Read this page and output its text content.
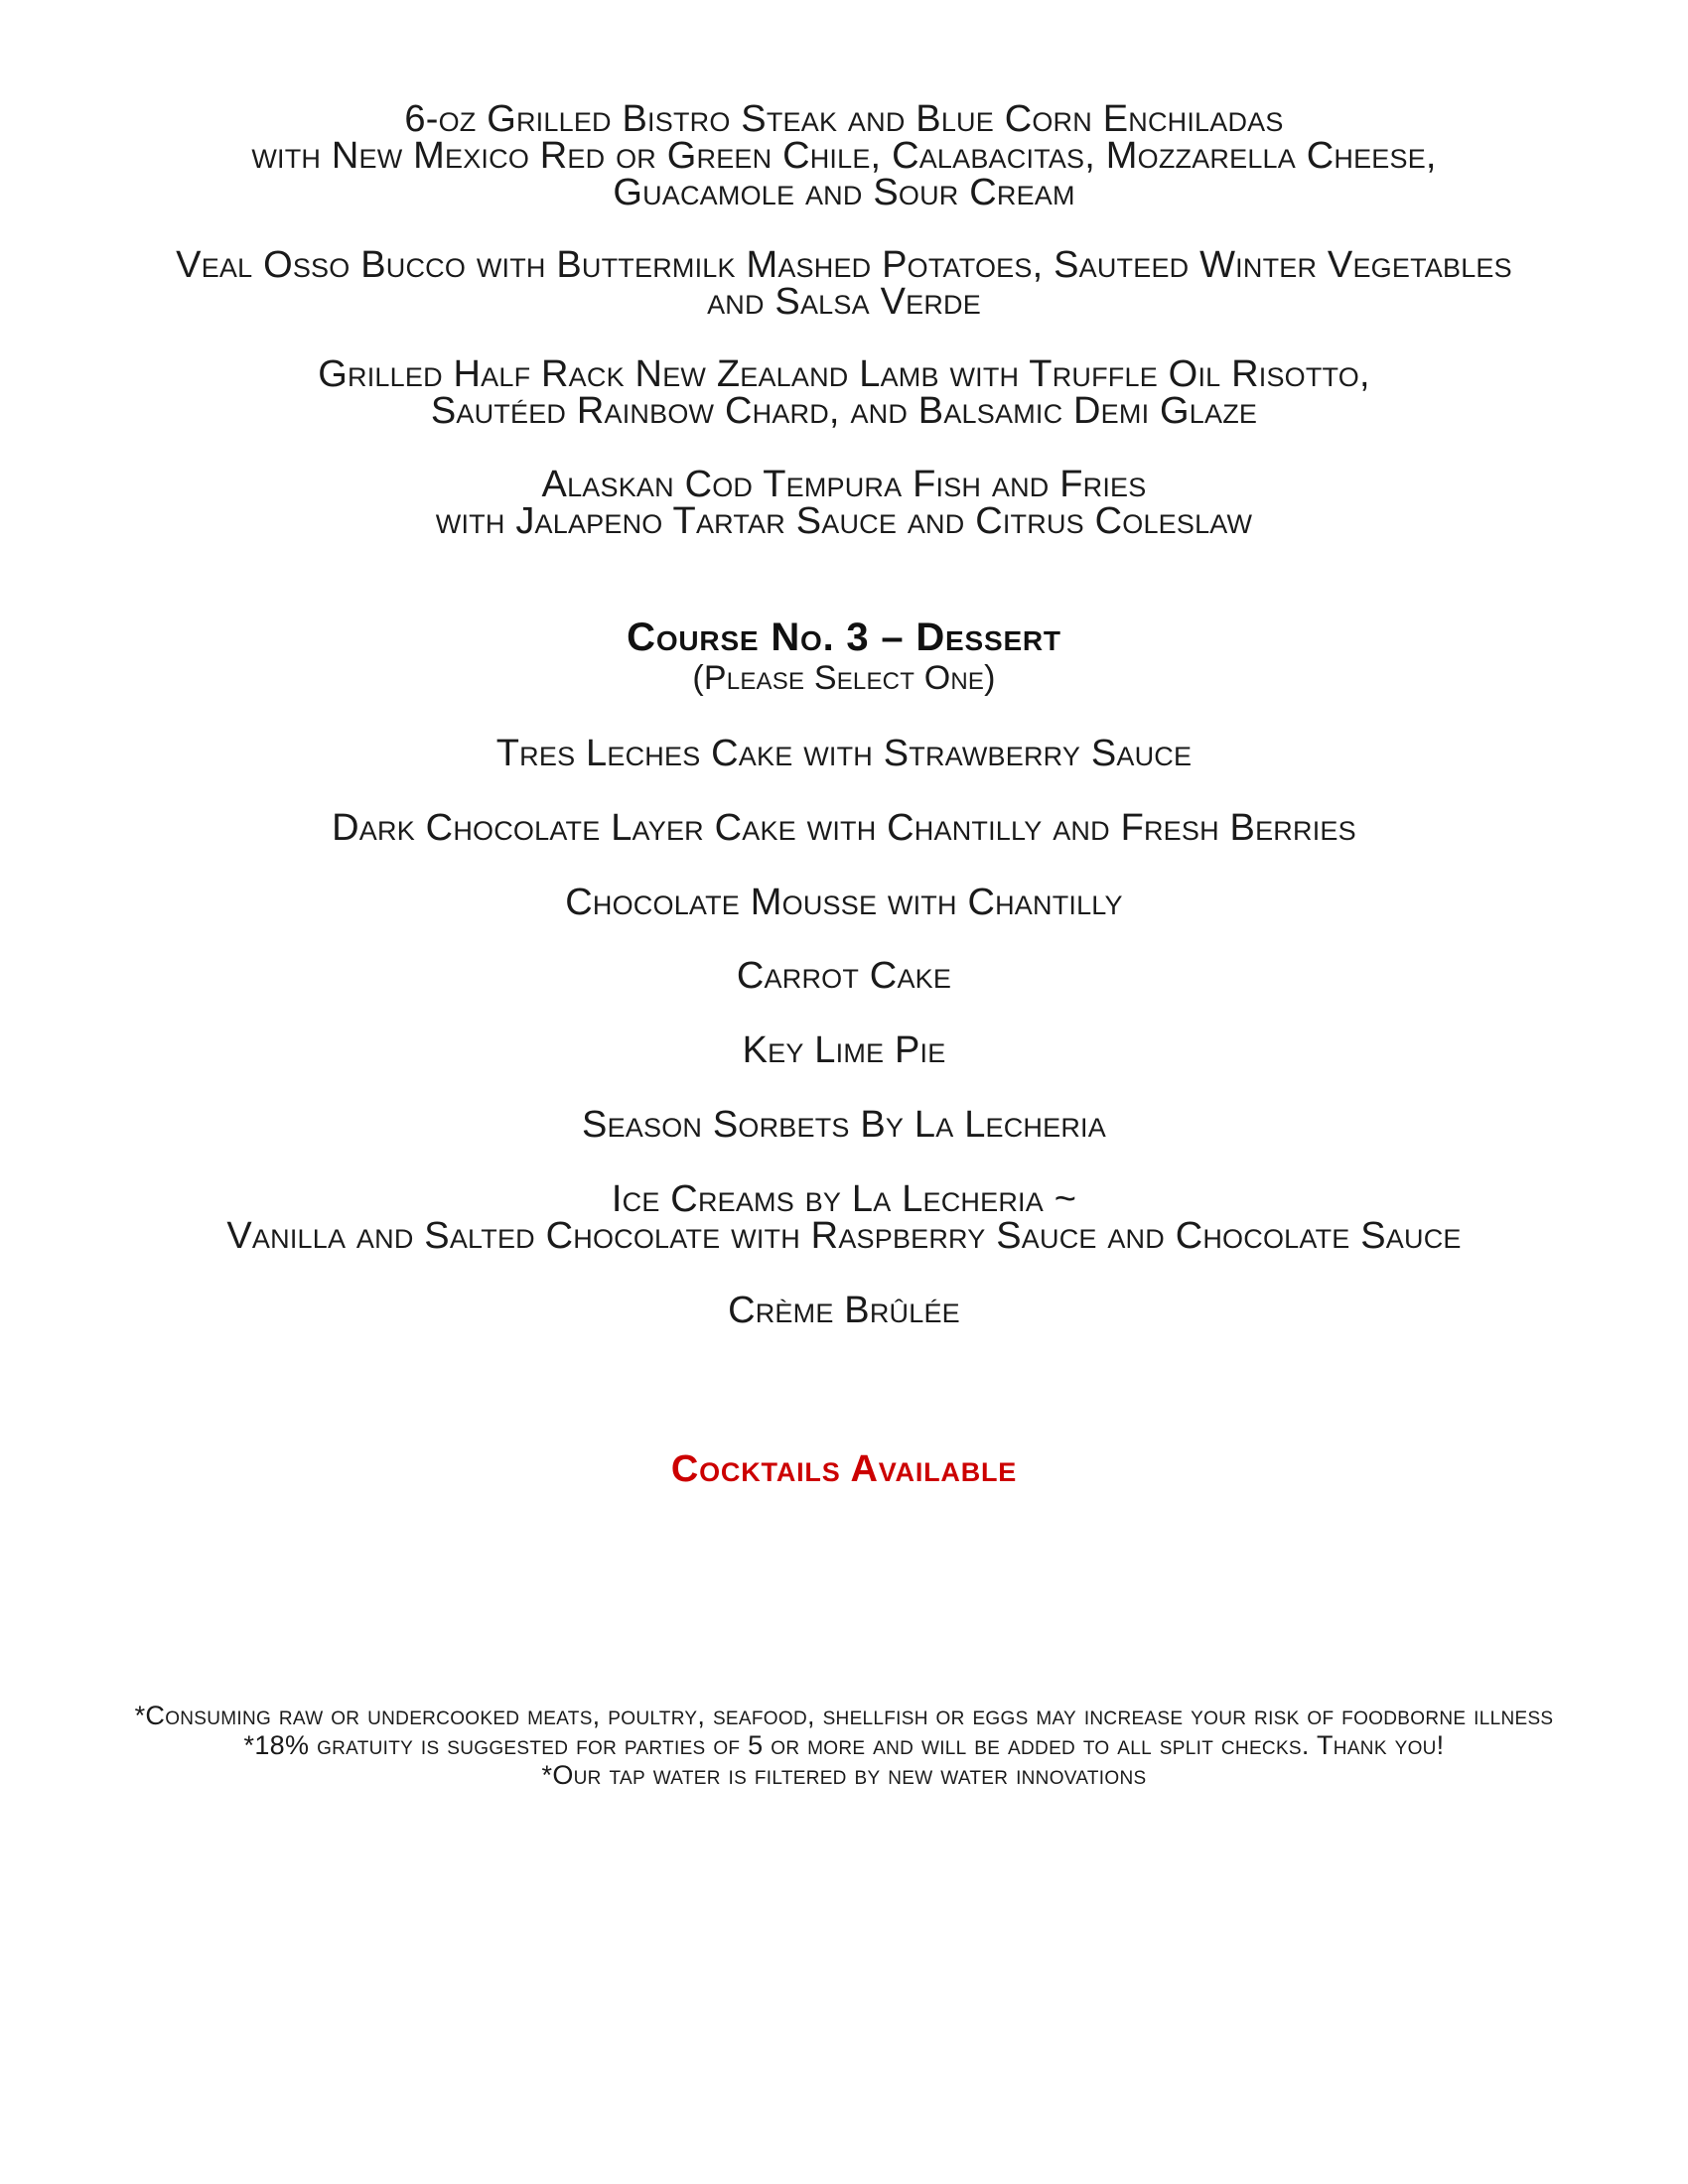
6-oz Grilled Bistro Steak and Blue Corn Enchiladas
with New Mexico Red or Green Chile, Calabacitas, Mozzarella Cheese,
Guacamole and Sour Cream
Veal Osso Bucco with Buttermilk Mashed Potatoes, Sauteed Winter Vegetables
and Salsa Verde
Grilled Half Rack New Zealand Lamb with Truffle Oil Risotto,
Sautéed Rainbow Chard, and Balsamic Demi Glaze
Alaskan Cod Tempura Fish and Fries
with Jalapeno Tartar Sauce and Citrus Coleslaw
Course No. 3 – Dessert
(Please Select One)
Tres Leches Cake with Strawberry Sauce
Dark Chocolate Layer Cake with Chantilly and Fresh Berries
Chocolate Mousse with Chantilly
Carrot Cake
Key Lime Pie
Season Sorbets By La Lecheria
Ice Creams by La Lecheria ~
Vanilla and Salted Chocolate with Raspberry Sauce and Chocolate Sauce
Crème Brûlée
Cocktails Available
*Consuming raw or undercooked meats, poultry, seafood, shellfish or eggs may increase your risk of foodborne illness
*18% gratuity is suggested for parties of 5 or more and will be added to all split checks. Thank you!
*Our tap water is filtered by new water innovations
